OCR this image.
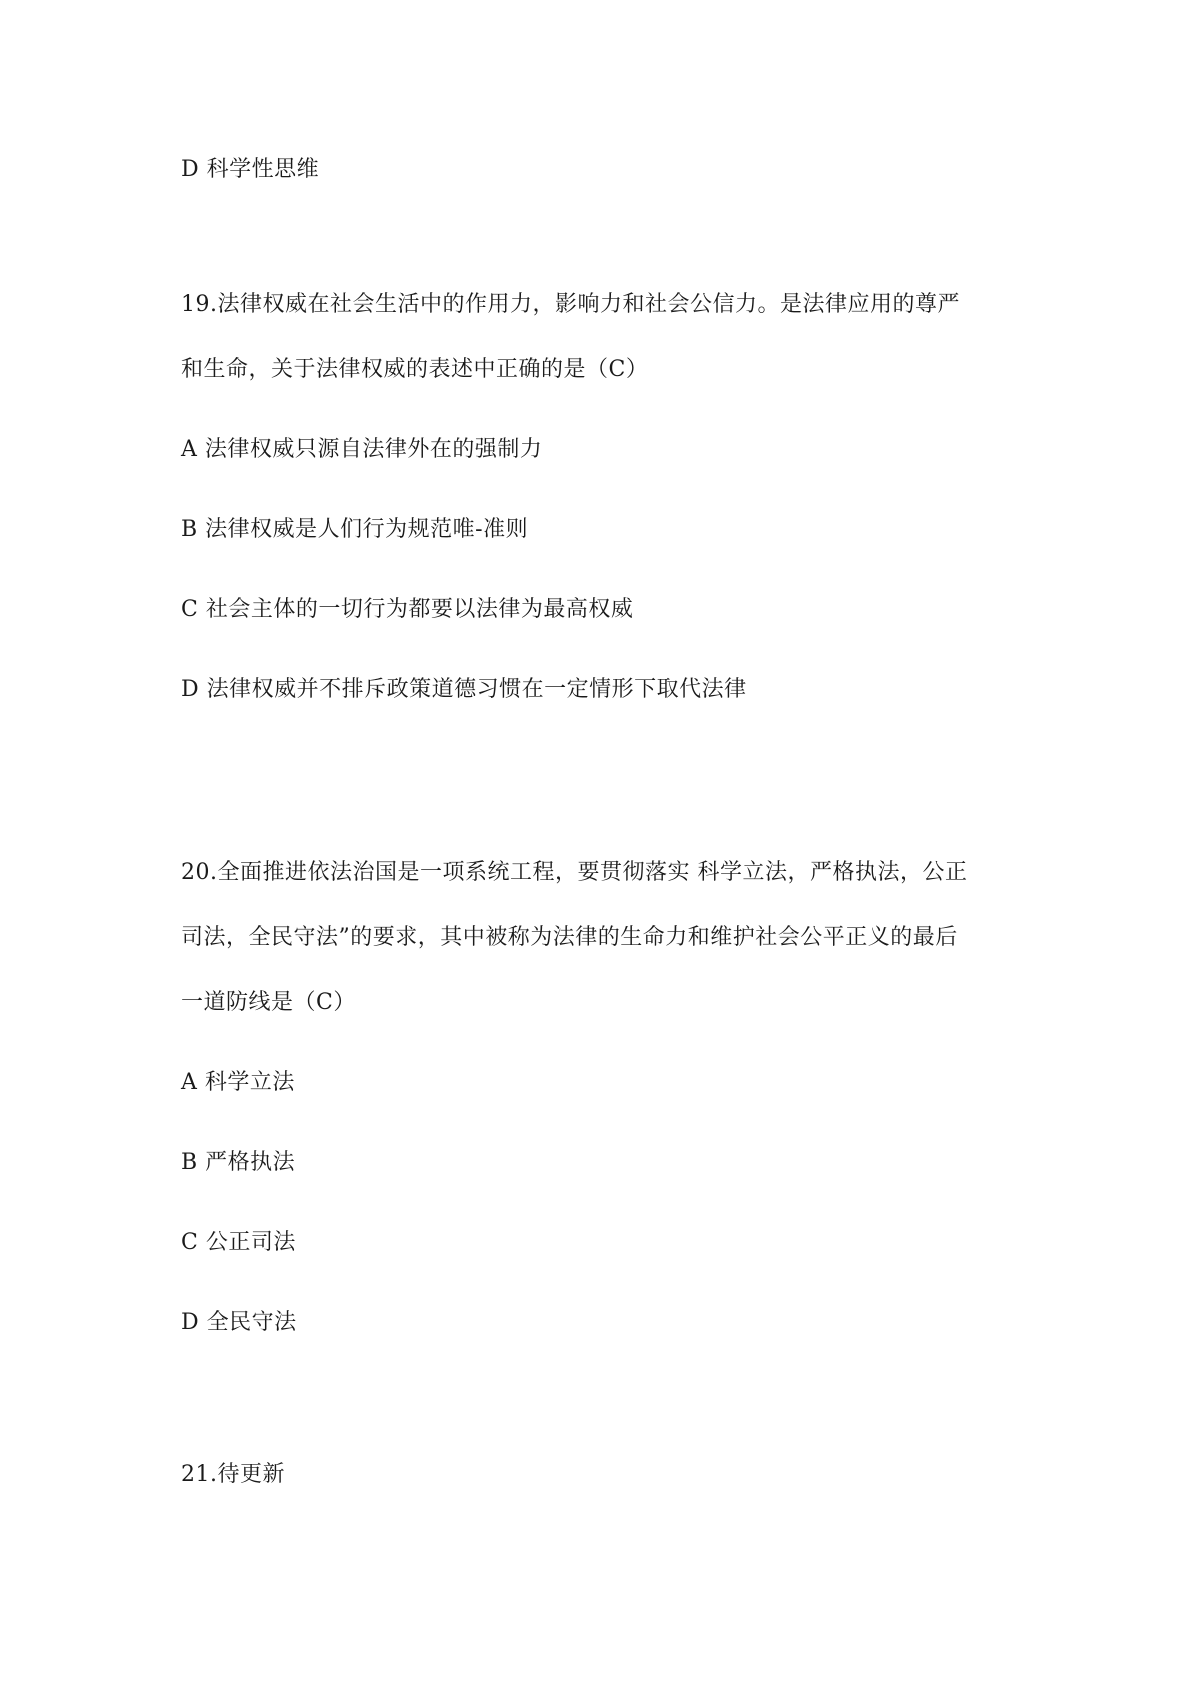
D 科学性思维
19.法律权威在社会生活中的作用力，影响力和社会公信力。是法律应用的尊严
和生命，关于法律权威的表述中正确的是（C）
A 法律权威只源自法律外在的强制力
B 法律权威是人们行为规范唯-准则
C 社会主体的一切行为都要以法律为最高权威
D 法律权威并不排斥政策道德习惯在一定情形下取代法律
20.全面推进依法治国是一项系统工程，要贯彻落实 科学立法，严格执法，公正
司法，全民守法”的要求，其中被称为法律的生命力和维护社会公平正义的最后
一道防线是（C）
A 科学立法
B 严格执法
C 公正司法
D 全民守法
21.待更新
